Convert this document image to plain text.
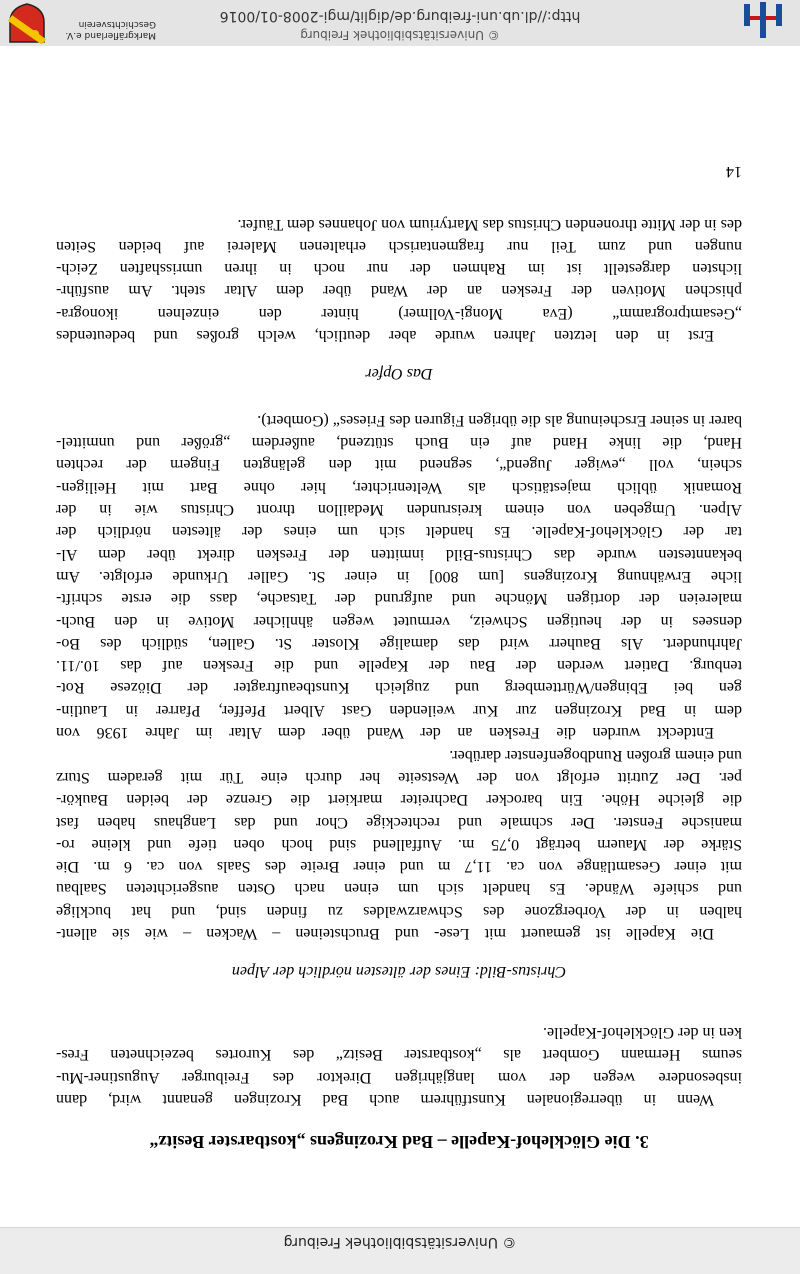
© Universitätsbibliothek Freiburg
3. Die Glöcklehof-Kapelle – Bad Krozingens „kostbarster Besitz“
Wenn in überregionalen Kunstführern auch Bad Krozingen genannt wird, dann
insbesondere wegen der vom langjährigen Direktor des Freiburger Augustiner-Mu-
seums Hermann Gombert als „kostbarster Besitz“ des Kurortes bezeichneten Fres-
ken in der Glöcklehof-Kapelle.
Christus-Bild: Eines der ältesten nördlich der Alpen
Die Kapelle ist gemauert mit Lese- und Bruchsteinen – Wacken – wie sie allent-
halben in der Vorbergzone des Schwarzwaldes zu finden sind, und hat bucklige
und schiefe Wände. Es handelt sich um einen nach Osten ausgerichteten Saalbau
mit einer Gesamtlänge von ca. 11,7 m und einer Breite des Saals von ca. 6 m. Die
Stärke der Mauern beträgt 0,75 m. Auffallend sind hoch oben tiefe und kleine ro-
manische Fenster. Der schmale und rechteckige Chor und das Langhaus haben fast
die gleiche Höhe. Ein barocker Dachreiter markiert die Grenze der beiden Baukör-
per. Der Zutritt erfolgt von der Westseite her durch eine Tür mit geradem Sturz
und einem großen Rundbogenfenster darüber.
Entdeckt wurden die Fresken an der Wand über dem Altar im Jahre 1936 von
dem in Bad Krozingen zur Kur weilenden Gast Albert Pfeffer, Pfarrer in Lautlin-
gen bei Ebingen/Württemberg und zugleich Kunstbeauftragter der Diözese Rot-
tenburg. Datiert werden der Bau der Kapelle und die Fresken auf das 10./11.
Jahrhundert. Als Bauherr wird das damalige Kloster St. Gallen, südlich des Bo-
densees in der heutigen Schweiz, vermutet wegen ähnlicher Motive in den Buch-
malereien der dortigen Mönche und aufgrund der Tatsache, dass die erste schrift-
liche Erwähnung Krozingens [um 800] in einer St. Galler Urkunde erfolgte. Am
bekanntesten wurde das Christus-Bild inmitten der Fresken direkt über dem Al-
tar der Glöcklehof-Kapelle. Es handelt sich um eines der ältesten nördlich der
Alpen. Umgeben von einem kreisrunden Medaillon thront Christus wie in der
Romanik üblich majestätisch als Weltenrichter, hier ohne Bart mit Heiligen-
schein, voll „ewiger Jugend“, segnend mit den gelängten Fingern der rechten
Hand, die linke Hand auf ein Buch stützend, außerdem „größer und unmittel-
barer in seiner Erscheinung als die übrigen Figuren des Frieses“ (Gombert).
Das Opfer
Erst in den letzten Jahren wurde aber deutlich, welch großes und bedeutendes
„Gesamtprogramm“ (Eva Mongi-Vollmer) hinter den einzelnen ikonogra-
phischen Motiven der Fresken an der Wand über dem Altar steht. Am ausführ-
lichsten dargestellt ist im Rahmen der nur noch in ihren umrisshaften Zeich-
nungen und zum Teil nur fragmentarisch erhaltenen Malerei auf beiden Seiten
des in der Mitte thronenden Christus das Martyrium von Johannes dem Täufer.
14
© Universitätsbibliothek Freiburg
http://dl.ub.uni-freiburg.de/diglit/mgi-2008-01/0016
Markgräflerland e.V.
Geschichtsverein
